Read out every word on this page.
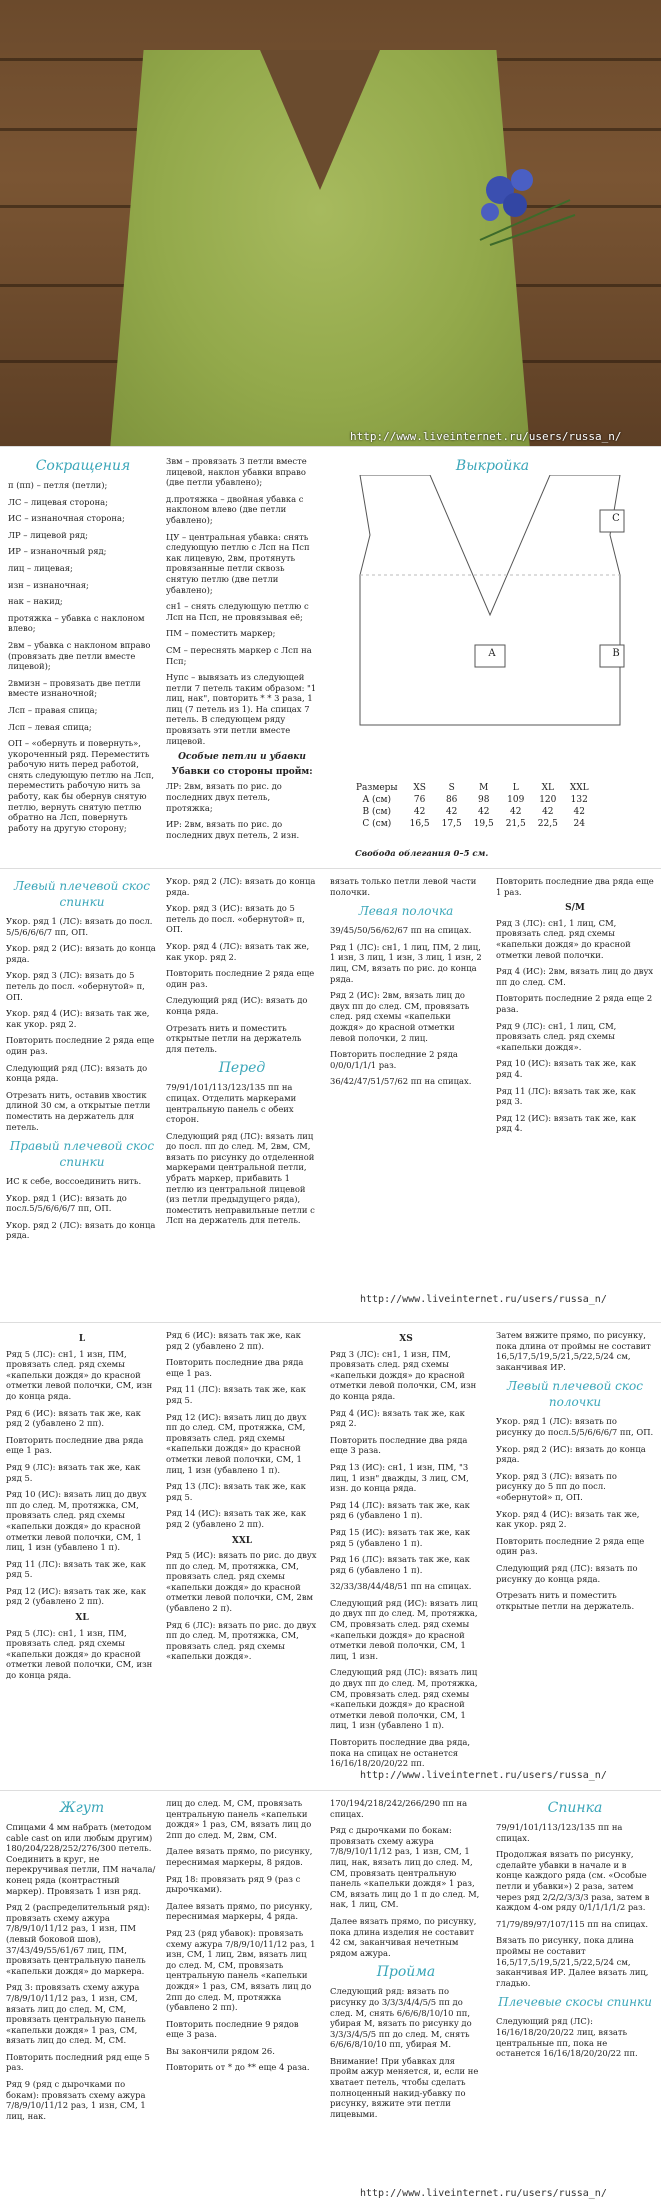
http://www.liveinternet.ru/users/russa_n/
Сокращения

п (пп) – петля (петли);

ЛС – лицевая сторона;

ИС – изнаночная сторона;

ЛР – лицевой ряд;

ИР – изнаночный ряд;

лиц – лицевая;

изн – изнаночная;

нак – накид;

протяжка – убавка с наклоном влево;

2вм – убавка с наклоном вправо (провязать две петли вместе лицевой);

2вмизн – провязать две петли вместе изнаночной;

Лсп – правая спица;

Лсп – левая спица;

ОП – «обернуть и повернуть», укороченный ряд. Переместить рабочую нить перед работой, снять следующую петлю на Лсп, переместить рабочую нить за работу, как бы обернув снятую петлю, вернуть снятую петлю обратно на Лсп, повернуть работу на другую сторону;

3вм – провязать 3 петли вместе лицевой, наклон убавки вправо (две петли убавлено);

д.протяжка – двойная убавка с наклоном влево (две петли убавлено);

ЦУ – центральная убавка: снять следующую петлю с Лсп на Псп как лицевую, 2вм, протянуть провязанные петли сквозь снятую петлю (две петли убавлено);

сн1 – снять следующую петлю с Лсп на Псп, не провязывая её;

ПМ – поместить маркер;

СМ – переснять маркер с Лсп на Псп;

Нупс – вывязать из следующей петли 7 петель таким образом: "1 лиц, нак", повторить * * 3 раза, 1 лиц (7 петель из 1). На спицах 7 петель. В следующем ряду провязать эти петли вместе лицевой.

Особые петли и убавки
Убавки со стороны пройм:

ЛР: 2вм, вязать по рис. до последних двух петель, протяжка;

ИР: 2вм, вязать по рис. до последних двух петель, 2 изн.

Выкройка
A	B
C
Размеры	XS	S	M	L	XL	XXL
A (см)	76	86	98	109	120	132
B (см)	42	42	42	42	42	42
C (см)	16,5	17,5	19,5	21,5	22,5	24
Свобода облегания 0–5 см.
Левый плечевой скос спинки

Укор. ряд 1 (ЛС): вязать до посл. 5/5/6/6/6/7 пп, ОП.

Укор. ряд 2 (ИС): вязать до конца ряда.

Укор. ряд 3 (ЛС): вязать до 5 петель до посл. «обернутой» п, ОП.

Укор. ряд 4 (ИС): вязать так же, как укор. ряд 2.

Повторить последние 2 ряда еще один раз.

Следующий ряд (ЛС): вязать до конца ряда.

Отрезать нить, оставив хвостик длиной 30 см, а открытые петли поместить на держатель для петель.

Правый плечевой скос спинки

ИС к себе, воссоединить нить.

Укор. ряд 1 (ИС): вязать до посл.5/5/6/6/6/7 пп, ОП.

Укор. ряд 2 (ЛС): вязать до конца ряда.

Укор. ряд 2 (ЛС): вязать до конца ряда.

Укор. ряд 3 (ИС): вязать до 5 петель до посл. «обернутой» п, ОП.

Укор. ряд 4 (ЛС): вязать так же, как укор. ряд 2.

Повторить последние 2 ряда еще один раз.

Следующий ряд (ИС): вязать до конца ряда.

Отрезать нить и поместить открытые петли на держатель для петель.

Перед

79/91/101/113/123/135 пп на спицах. Отделить маркерами центральную панель с обеих сторон.

Следующий ряд (ЛС): вязать лиц до посл. пп до след. М, 2вм, СМ, вязать по рисунку до отделенной маркерами центральной петли, убрать маркер, прибавить 1 петлю из центральной лицевой (из петли предыдущего ряда), поместить неправильные петли с Лсп на держатель для петель.

вязать только петли левой части полочки.

Левая полочка

39/45/50/56/62/67 пп на спицах.

Ряд 1 (ЛС): сн1, 1 лиц, ПМ, 2 лиц, 1 изн, 3 лиц, 1 изн, 3 лиц, 1 изн, 2 лиц, СМ, вязать по рис. до конца ряда.

Ряд 2 (ИС): 2вм, вязать лиц до двух пп до след. СМ, провязать след. ряд схемы «капельки дождя» до красной отметки левой полочки, 2 лиц.

Повторить последние 2 ряда 0/0/0/1/1/1 раз.

36/42/47/51/57/62 пп на спицах.

Повторить последние два ряда еще 1 раз.

S/M

Ряд 3 (ЛС): сн1, 1 лиц, СМ, провязать след. ряд схемы «капельки дождя» до красной отметки левой полочки.

Ряд 4 (ИС): 2вм, вязать лиц до двух пп до след. СМ.

Повторить последние 2 ряда еще 2 раза.

Ряд 9 (ЛС): сн1, 1 лиц, СМ, провязать след. ряд схемы «капельки дождя».

Ряд 10 (ИС): вязать так же, как ряд 4.

Ряд 11 (ЛС): вязать так же, как ряд 3.

Ряд 12 (ИС): вязать так же, как ряд 4.

http://www.liveinternet.ru/users/russa_n/
L

Ряд 5 (ЛС): сн1, 1 изн, ПМ, провязать след. ряд схемы «капельки дождя» до красной отметки левой полочки, СМ, изн до конца ряда.

Ряд 6 (ИС): вязать так же, как ряд 2 (убавлено 2 пп).

Повторить последние два ряда еще 1 раз.

Ряд 9 (ЛС): вязать так же, как ряд 5.

Ряд 10 (ИС): вязать лиц до двух пп до след. М, протяжка, СМ, провязать след. ряд схемы «капельки дождя» до красной отметки левой полочки, СМ, 1 лиц, 1 изн (убавлено 1 п).

Ряд 11 (ЛС): вязать так же, как ряд 5.

Ряд 12 (ИС): вязать так же, как ряд 2 (убавлено 2 пп).

XL

Ряд 5 (ЛС): сн1, 1 изн, ПМ, провязать след. ряд схемы «капельки дождя» до красной отметки левой полочки, СМ, изн до конца ряда.

Ряд 6 (ИС): вязать так же, как ряд 2 (убавлено 2 пп).

Повторить последние два ряда еще 1 раз.

Ряд 11 (ЛС): вязать так же, как ряд 5.

Ряд 12 (ИС): вязать лиц до двух пп до след. СМ, протяжка, СМ, провязать след. ряд схемы «капельки дождя» до красной отметки левой полочки, СМ, 1 лиц, 1 изн (убавлено 1 п).

Ряд 13 (ЛС): вязать так же, как ряд 5.

Ряд 14 (ИС): вязать так же, как ряд 2 (убавлено 2 пп).

XXL

Ряд 5 (ИС): вязать по рис. до двух пп до след. М, протяжка, СМ, провязать след. ряд схемы «капельки дождя» до красной отметки левой полочки, СМ, 2вм (убавлено 2 п).

Ряд 6 (ЛС): вязать по рис. до двух пп до след. М, протяжка, СМ, провязать след. ряд схемы «капельки дождя».

XS

Ряд 3 (ЛС): сн1, 1 изн, ПМ, провязать след. ряд схемы «капельки дождя» до красной отметки левой полочки, СМ, изн до конца ряда.

Ряд 4 (ИС): вязать так же, как ряд 2.

Повторить последние два ряда еще 3 раза.

Ряд 13 (ИС): сн1, 1 изн, ПМ, "3 лиц, 1 изн" дважды, 3 лиц, СМ, изн. до конца ряда.

Ряд 14 (ЛС): вязать так же, как ряд 6 (убавлено 1 п).

Ряд 15 (ИС): вязать так же, как ряд 5 (убавлено 1 п).

Ряд 16 (ЛС): вязать так же, как ряд 6 (убавлено 1 п).

32/33/38/44/48/51 пп на спицах.

Следующий ряд (ИС): вязать лиц до двух пп до след. М, протяжка, СМ, провязать след. ряд схемы «капельки дождя» до красной отметки левой полочки, СМ, 1 лиц, 1 изн.

Следующий ряд (ЛС): вязать лиц до двух пп до след. М, протяжка, СМ, провязать след. ряд схемы «капельки дождя» до красной отметки левой полочки, СМ, 1 лиц, 1 изн (убавлено 1 п).

Повторить последние два ряда, пока на спицах не останется 16/16/18/20/20/22 пп.

Затем вяжите прямо, по рисунку, пока длина от проймы не составит 16,5/17,5/19,5/21,5/22,5/24 см, заканчивая ИР.

Левый плечевой скос полочки

Укор. ряд 1 (ЛС): вязать по рисунку до посл.5/5/6/6/6/7 пп, ОП.

Укор. ряд 2 (ИС): вязать до конца ряда.

Укор. ряд 3 (ЛС): вязать по рисунку до 5 пп до посл. «обернутой» п, ОП.

Укор. ряд 4 (ИС): вязать так же, как укор. ряд 2.

Повторить последние 2 ряда еще один раз.

Следующий ряд (ЛС): вязать по рисунку до конца ряда.

Отрезать нить и поместить открытые петли на держатель.

http://www.liveinternet.ru/users/russa_n/
Жгут

Спицами 4 мм набрать (методом cable cast on или любым другим) 180/204/228/252/276/300 петель. Соединить в круг, не перекручивая петли, ПМ начала/конец ряда (контрастный маркер). Провязать 1 изн ряд.

Ряд 2 (распределительный ряд): провязать схему ажура 7/8/9/10/11/12 раз, 1 изн, ПМ (левый боковой шов), 37/43/49/55/61/67 лиц, ПМ, провязать центральную панель «капельки дождя» до маркера.

Ряд 3: провязать схему ажура 7/8/9/10/11/12 раз, 1 изн, СМ, вязать лиц до след. М, СМ, провязать центральную панель «капельки дождя» 1 раз, СМ, вязать лиц до след. М, СМ.

Повторить последний ряд еще 5 раз.

Ряд 9 (ряд с дырочками по бокам): провязать схему ажура 7/8/9/10/11/12 раз, 1 изн, СМ, 1 лиц, нак.

лиц до след. М, СМ, провязать центральную панель «капельки дождя» 1 раз, СМ, вязать лиц до 2пп до след. М, 2вм, СМ.

Далее вязать прямо, по рисунку, переснимая маркеры, 8 рядов.

Ряд 18: провязать ряд 9 (раз с дырочками).

Далее вязать прямо, по рисунку, переснимая маркеры, 4 ряда.

Ряд 23 (ряд убавок): провязать схему ажура 7/8/9/10/11/12 раз, 1 изн, СМ, 1 лиц, 2вм, вязать лиц до след. М, СМ, провязать центральную панель «капельки дождя» 1 раз, СМ, вязать лиц до 2пп до след. М, протяжка (убавлено 2 пп).

Повторить последние 9 рядов еще 3 раза.

Вы закончили рядом 26.

Повторить от * до ** еще 4 раза.

170/194/218/242/266/290 пп на спицах.

Ряд с дырочками по бокам: провязать схему ажура 7/8/9/10/11/12 раз, 1 изн, СМ, 1 лиц, нак, вязать лиц до след. М, СМ, провязать центральную панель «капельки дождя» 1 раз, СМ, вязать лиц до 1 п до след. М, нак, 1 лиц, СМ.

Далее вязать прямо, по рисунку, пока длина изделия не составит 42 см, заканчивая нечетным рядом ажура.

Пройма

Следующий ряд: вязать по рисунку до 3/3/3/4/4/5/5 пп до след. М, снять 6/6/6/8/10/10 пп, убирая М, вязать по рисунку до 3/3/3/4/5/5 пп до след. М, снять 6/6/6/8/10/10 пп, убирая М.

Внимание! При убавках для пройм ажур меняется, и, если не хватает петель, чтобы сделать полноценный накид-убавку по рисунку, вяжите эти петли лицевыми.

Спинка

79/91/101/113/123/135 пп на спицах.

Продолжая вязать по рисунку, сделайте убавки в начале и в конце каждого ряда (см. «Особые петли и убавки») 2 раза, затем через ряд 2/2/2/3/3/3 раза, затем в каждом 4-ом ряду 0/1/1/1/1/2 раз.

71/79/89/97/107/115 пп на спицах.

Вязать по рисунку, пока длина проймы не составит 16,5/17,5/19,5/21,5/22,5/24 см, заканчивая ИР. Далее вязать лиц, гладью.

Плечевые скосы спинки

Следующий ряд (ЛС): 16/16/18/20/20/22 лиц, вязать центральные пп, пока не останется 16/16/18/20/20/22 пп.

http://www.liveinternet.ru/users/russa_n/
